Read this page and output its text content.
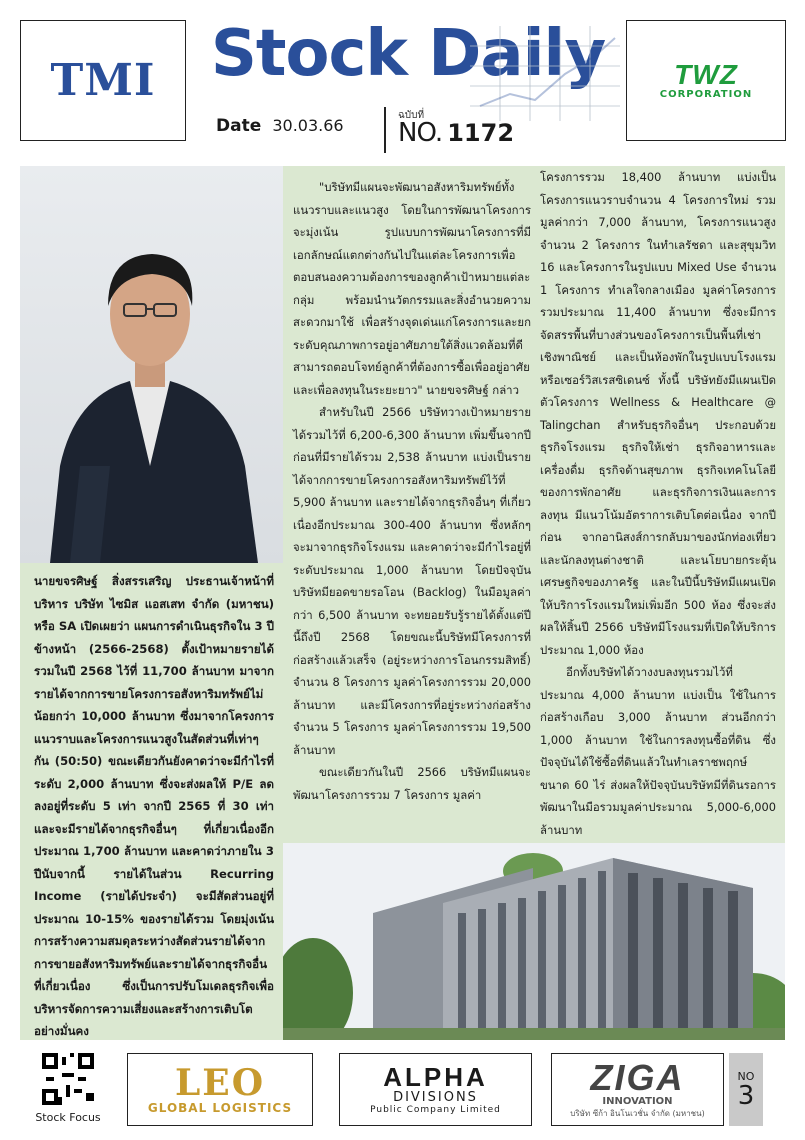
TMI Stock Daily
Date 30.03.66
ฉบับที่
NO. 1172
TWZ
CORPORATION
นายขจรศิษฐ์ สิ่งสรรเสริญ ประธานเจ้าหน้าที่บริหาร บริษัท ไซมิส แอสเสท จำกัด (มหาชน) หรือ SA เปิดเผยว่า แผนการดำเนินธุรกิจใน 3 ปีข้างหน้า (2566-2568) ตั้งเป้าหมายรายได้รวมในปี 2568 ไว้ที่ 11,700 ล้านบาท มาจากรายได้จากการขายโครงการอสังหาริมทรัพย์ไม่น้อยกว่า 10,000 ล้านบาท ซึ่งมาจากโครงการแนวราบและโครงการแนวสูงในสัดส่วนที่เท่าๆ กัน (50:50) ขณะเดียวกันยังคาดว่าจะมีกำไรที่ระดับ 2,000 ล้านบาท ซึ่งจะส่งผลให้ P/E ลดลงอยู่ที่ระดับ 5 เท่า จากปี 2565 ที่ 30 เท่า และจะมีรายได้จากธุรกิจอื่นๆ ที่เกี่ยวเนื่องอีกประมาณ 1,700 ล้านบาท และคาดว่าภายใน 3 ปีนับจากนี้ รายได้ในส่วน Recurring Income (รายได้ประจำ) จะมีสัดส่วนอยู่ที่ประมาณ 10-15% ของรายได้รวม โดยมุ่งเน้นการสร้างความสมดุลระหว่างสัดส่วนรายได้จากการขายอสังหาริมทรัพย์และรายได้จากธุรกิจอื่นที่เกี่ยวเนื่อง ซึ่งเป็นการปรับโมเดลธุรกิจเพื่อบริหารจัดการความเสี่ยงและสร้างการเติบโตอย่างมั่นคง

"บริษัทมีแผนจะพัฒนาอสังหาริมทรัพย์ทั้งแนวราบและแนวสูง โดยในการพัฒนาโครงการจะมุ่งเน้น รูปแบบการพัฒนาโครงการที่มีเอกลักษณ์แตกต่างกันไปในแต่ละโครงการเพื่อตอบสนองความต้องการของลูกค้าเป้าหมายแต่ละกลุ่ม พร้อมนำนวัตกรรมและสิ่งอำนวยความสะดวกมาใช้ เพื่อสร้างจุดเด่นแก่โครงการและยกระดับคุณภาพการอยู่อาศัยภายใต้สิ่งแวดล้อมที่ดี สามารถตอบโจทย์ลูกค้าที่ต้องการซื้อเพื่ออยู่อาศัย และเพื่อลงทุนในระยะยาว" นายขจรศิษฐ์ กล่าว

สำหรับในปี 2566 บริษัทวางเป้าหมายรายได้รวมไว้ที่ 6,200-6,300 ล้านบาท เพิ่มขึ้นจากปีก่อนที่มีรายได้รวม 2,538 ล้านบาท แบ่งเป็นรายได้จากการขายโครงการอสังหาริมทรัพย์ไว้ที่ 5,900 ล้านบาท และรายได้จากธุรกิจอื่นๆ ที่เกี่ยวเนื่องอีกประมาณ 300-400 ล้านบาท ซึ่งหลักๆ จะมาจากธุรกิจโรงแรม และคาดว่าจะมีกำไรอยู่ที่ระดับประมาณ 1,000 ล้านบาท โดยปัจจุบันบริษัทมียอดขายรอโอน (Backlog) ในมือมูลค่ากว่า 6,500 ล้านบาท จะทยอยรับรู้รายได้ตั้งแต่ปีนี้ถึงปี 2568 โดยขณะนี้บริษัทมีโครงการที่ก่อสร้างแล้วเสร็จ (อยู่ระหว่างการโอนกรรมสิทธิ์) จำนวน 8 โครงการ มูลค่าโครงการรวม 20,000 ล้านบาท และมีโครงการที่อยู่ระหว่างก่อสร้างจำนวน 5 โครงการ มูลค่าโครงการรวม 19,500 ล้านบาท

ขณะเดียวกันในปี 2566 บริษัทมีแผนจะพัฒนาโครงการรวม 7 โครงการ มูลค่า

โครงการรวม 18,400 ล้านบาท แบ่งเป็นโครงการแนวราบจำนวน 4 โครงการใหม่ รวมมูลค่ากว่า 7,000 ล้านบาท, โครงการแนวสูง จำนวน 2 โครงการ ในทำเลรัชดา และสุขุมวิท 16 และโครงการในรูปแบบ Mixed Use จำนวน 1 โครงการ ทำเลใจกลางเมือง มูลค่าโครงการรวมประมาณ 11,400 ล้านบาท ซึ่งจะมีการจัดสรรพื้นที่บางส่วนของโครงการเป็นพื้นที่เช่าเชิงพาณิชย์ และเป็นห้องพักในรูปแบบโรงแรมหรือเซอร์วิสเรสซิเดนซ์ ทั้งนี้ บริษัทยังมีแผนเปิดตัวโครงการ Wellness & Healthcare @ Talingchan สำหรับธุรกิจอื่นๆ ประกอบด้วยธุรกิจโรงแรม ธุรกิจให้เช่า ธุรกิจอาหารและเครื่องดื่ม ธุรกิจด้านสุขภาพ ธุรกิจเทคโนโลยีของการพักอาศัย และธุรกิจการเงินและการลงทุน มีแนวโน้มอัตราการเติบโตต่อเนื่อง จากปีก่อน จากอานิสงส์การกลับมาของนักท่องเที่ยวและนักลงทุนต่างชาติ และนโยบายกระตุ้นเศรษฐกิจของภาครัฐ และในปีนี้บริษัทมีแผนเปิดให้บริการโรงแรมใหม่เพิ่มอีก 500 ห้อง ซึ่งจะส่งผลให้สิ้นปี 2566 บริษัทมีโรงแรมที่เปิดให้บริการประมาณ 1,000 ห้อง

อีกทั้งบริษัทได้วางงบลงทุนรวมไว้ที่ประมาณ 4,000 ล้านบาท แบ่งเป็น ใช้ในการก่อสร้างเกือบ 3,000 ล้านบาท ส่วนอีกกว่า 1,000 ล้านบาท ใช้ในการลงทุนซื้อที่ดิน ซึ่งปัจจุบันได้ใช้ซื้อที่ดินแล้วในทำเลราชพฤกษ์ ขนาด 60 ไร่ ส่งผลให้ปัจจุบันบริษัทมีที่ดินรอการพัฒนาในมือรวมมูลค่าประมาณ 5,000-6,000 ล้านบาท

Stock Focus
LEO
GLOBAL LOGISTICS
ALPHA
DIVISIONS
Public Company Limited
ZIGA
INNOVATION
บริษัท ซีก้า อินโนเวชั่น จำกัด (มหาชน)
NO
3
